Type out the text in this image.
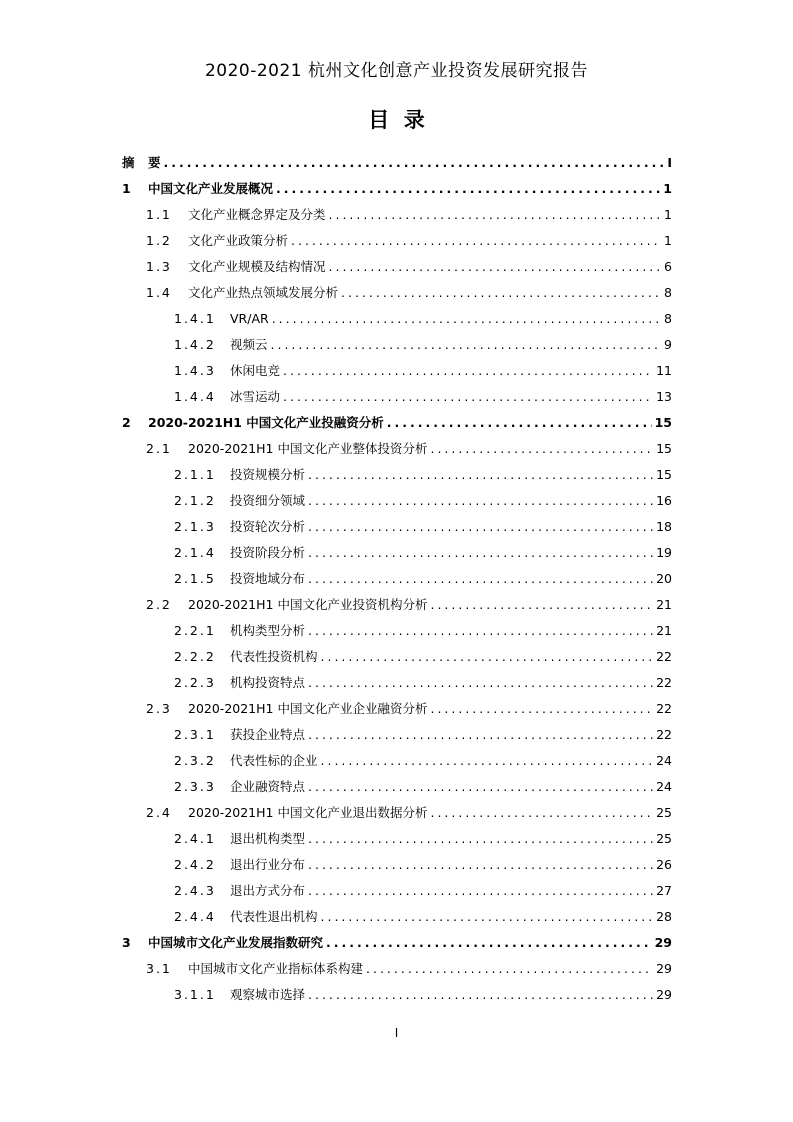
2020-2021 杭州文化创意产业投资发展研究报告
目  录
摘	要 .....	I
1	中国文化产业发展概况 .....	1
1.1	文化产业概念界定及分类 .....	1
1.2	文化产业政策分析 .....	1
1.3	文化产业规模及结构情况 .....	6
1.4	文化产业热点领域发展分析 .....	8
1.4.1	VR/AR .....	8
1.4.2	视频云 .....	9
1.4.3	休闲电竞 .....	11
1.4.4	冰雪运动 .....	13
2	2020-2021H1 中国文化产业投融资分析 .....	15
2.1	2020-2021H1 中国文化产业整体投资分析 .....	15
2.1.1	投资规模分析 .....	15
2.1.2	投资细分领域 .....	16
2.1.3	投资轮次分析 .....	18
2.1.4	投资阶段分析 .....	19
2.1.5	投资地域分布 .....	20
2.2	2020-2021H1 中国文化产业投资机构分析 .....	21
2.2.1	机构类型分析 .....	21
2.2.2	代表性投资机构 .....	22
2.2.3	机构投资特点 .....	22
2.3	2020-2021H1 中国文化产业企业融资分析 .....	22
2.3.1	获投企业特点 .....	22
2.3.2	代表性标的企业 .....	24
2.3.3	企业融资特点 .....	24
2.4	2020-2021H1 中国文化产业退出数据分析 .....	25
2.4.1	退出机构类型 .....	25
2.4.2	退出行业分布 .....	26
2.4.3	退出方式分布 .....	27
2.4.4	代表性退出机构 .....	28
3	中国城市文化产业发展指数研究 .....	29
3.1	中国城市文化产业指标体系构建 .....	29
3.1.1	观察城市选择 .....	29
I
